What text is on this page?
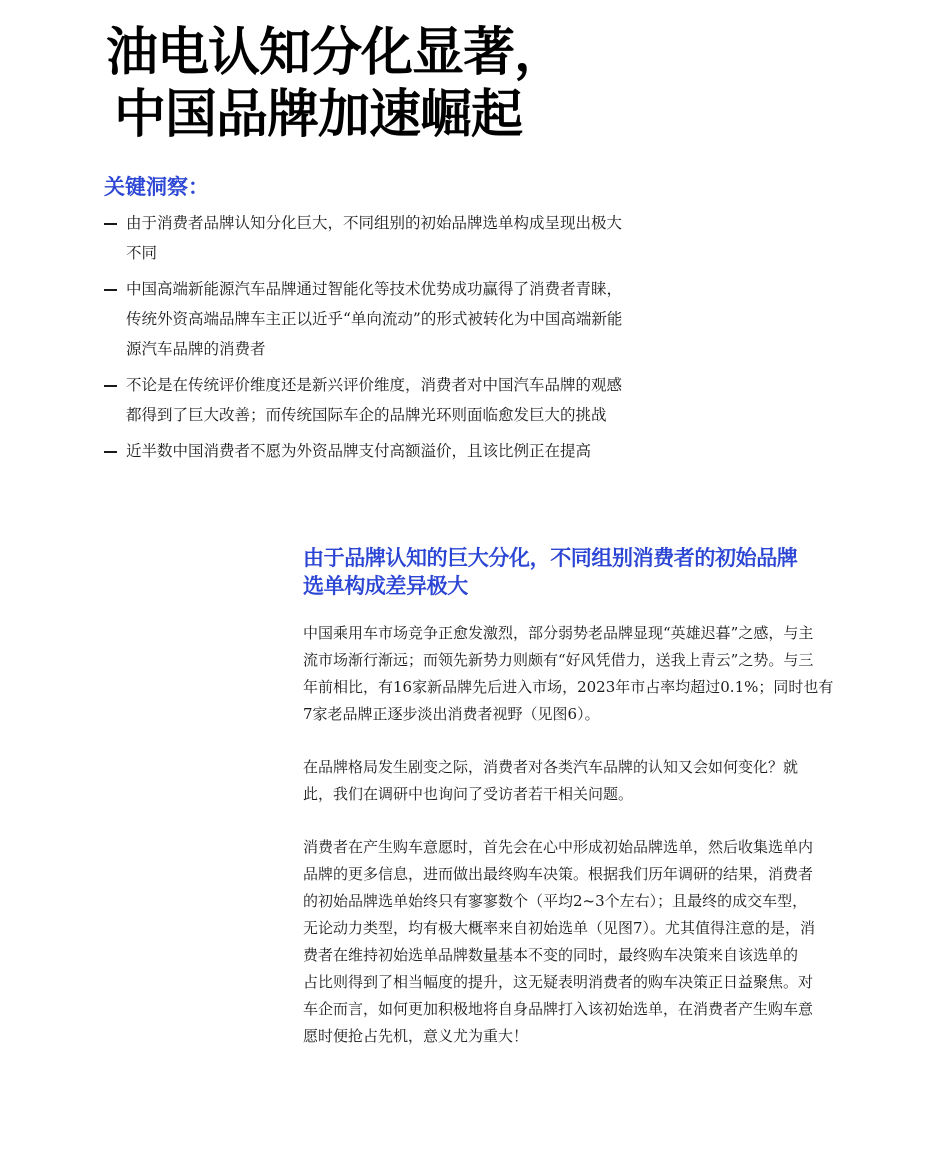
油电认知分化显著，
中国品牌加速崛起
关键洞察：
由于消费者品牌认知分化巨大，不同组别的初始品牌选单构成呈现出极大
不同
中国高端新能源汽车品牌通过智能化等技术优势成功赢得了消费者青睐，
传统外资高端品牌车主正以近乎“单向流动”的形式被转化为中国高端新能
源汽车品牌的消费者
不论是在传统评价维度还是新兴评价维度，消费者对中国汽车品牌的观感
都得到了巨大改善；而传统国际车企的品牌光环则面临愈发巨大的挑战
近半数中国消费者不愿为外资品牌支付高额溢价，且该比例正在提高
由于品牌认知的巨大分化，不同组别消费者的初始品牌
选单构成差异极大

中国乘用车市场竞争正愈发激烈，部分弱势老品牌显现“英雄迟暮”之感，与主
流市场渐行渐远；而领先新势力则颇有“好风凭借力，送我上青云”之势。与三
年前相比，有16家新品牌先后进入市场，2023年市占率均超过0.1%；同时也有
7家老品牌正逐步淡出消费者视野（见图6）。

在品牌格局发生剧变之际，消费者对各类汽车品牌的认知又会如何变化？就
此，我们在调研中也询问了受访者若干相关问题。

消费者在产生购车意愿时，首先会在心中形成初始品牌选单，然后收集选单内
品牌的更多信息，进而做出最终购车决策。根据我们历年调研的结果，消费者
的初始品牌选单始终只有寥寥数个（平均2~3个左右）；且最终的成交车型，
无论动力类型，均有极大概率来自初始选单（见图7）。尤其值得注意的是，消
费者在维持初始选单品牌数量基本不变的同时，最终购车决策来自该选单的
占比则得到了相当幅度的提升，这无疑表明消费者的购车决策正日益聚焦。对
车企而言，如何更加积极地将自身品牌打入该初始选单，在消费者产生购车意
愿时便抢占先机，意义尤为重大！
